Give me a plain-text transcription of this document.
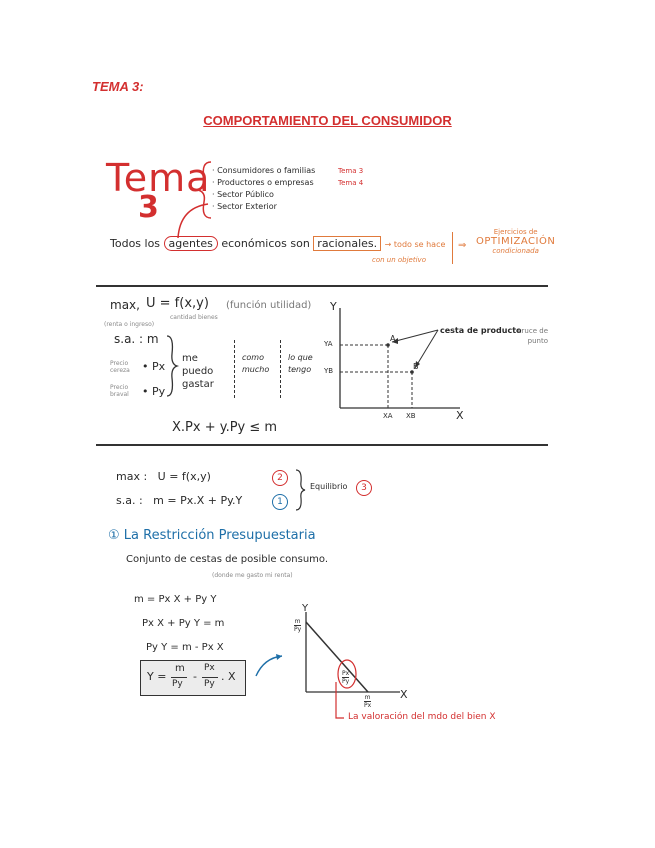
TEMA 3:
COMPORTAMIENTO DEL CONSUMIDOR
Tema
3
· Consumidores o familias
· Productores o empresas
· Sector Público
· Sector Exterior
Tema 3
Tema 4
Todos los agentes económicos son racionales. → todo se hace
con un objetivo
⇒
Ejercicios de
OPTIMIZACIÓN
condicionada
max, U = f(x,y)
cantidad bienes
(función utilidad)
(renta o ingreso)
s.a. : m
Precio cereza	• Px
Precio braval	• Py
me puedo gastar
como mucho
lo que tengo
X.Px + y.Py ≤ m
Y
X
YA
YB
XA XB
A
B
cesta de producto
cruce de punto
max :   U = f(x,y)
s.a. :   m = Px.X + Py.Y
2
1
Equilibrio	3
① La Restricción Presupuestaria
Conjunto de cestas de posible consumo.
(donde me gasto mi renta)
m = Px X + Py Y
Px X + Py Y = m
Py Y = m - Px X
Y =
m
Py
-
Px
Py
. X
Y
X
$\frac{m}{Py}$
$\frac{m}{Px}$
$\frac{Px}{Py}$
La valoración del mdo del bien X
